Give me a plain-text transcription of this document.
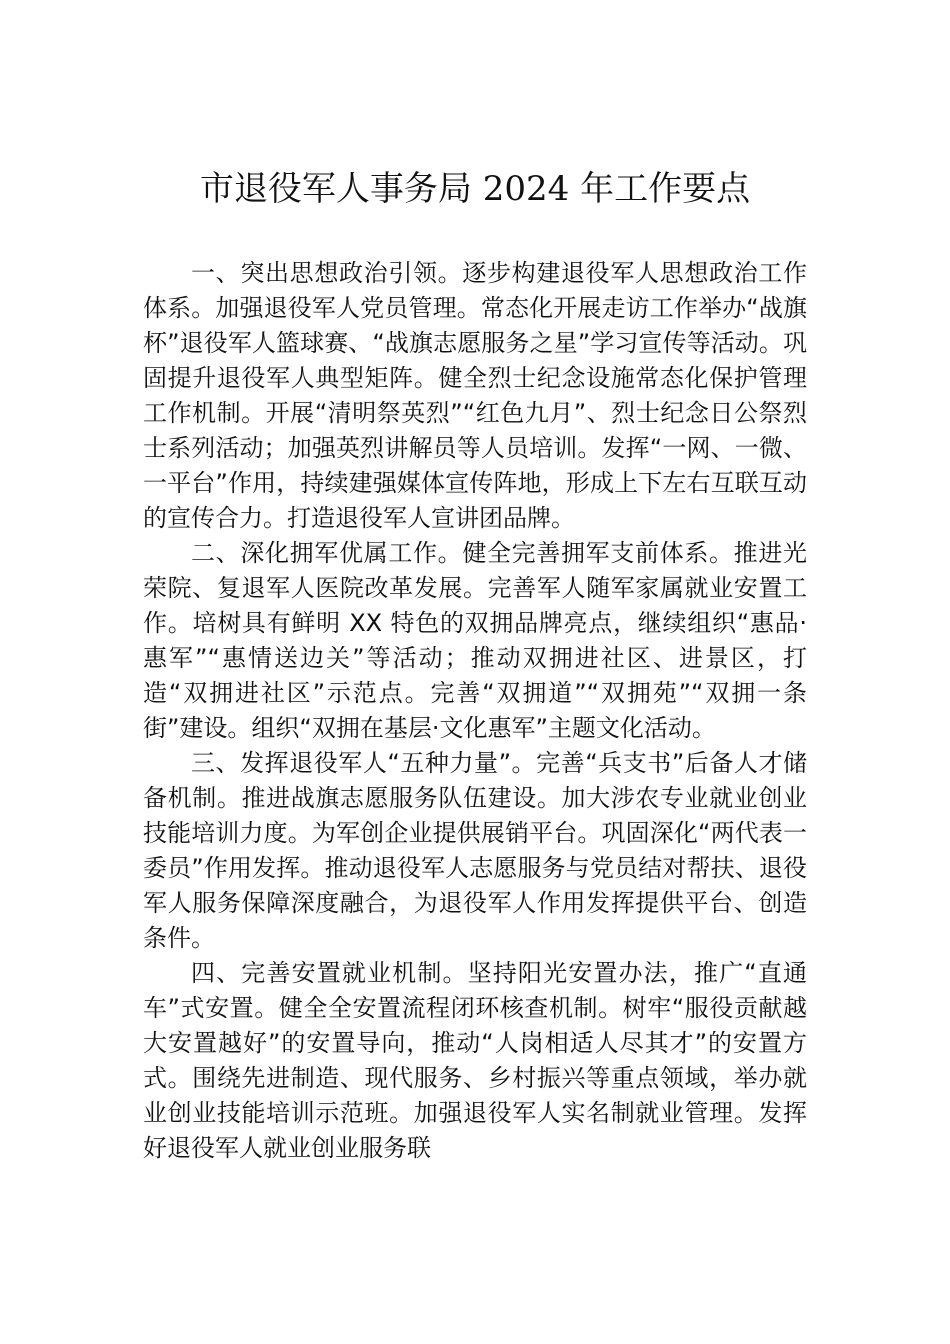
市退役军人事务局 2024 年工作要点

一、突出思想政治引领。逐步构建退役军人思想政治工作体系。加强退役军人党员管理。常态化开展走访工作举办“战旗杯”退役军人篮球赛、“战旗志愿服务之星”学习宣传等活动。巩固提升退役军人典型矩阵。健全烈士纪念设施常态化保护管理工作机制。开展“清明祭英烈”“红色九月”、烈士纪念日公祭烈士系列活动；加强英烈讲解员等人员培训。发挥“一网、一微、一平台”作用，持续建强媒体宣传阵地，形成上下左右互联互动的宣传合力。打造退役军人宣讲团品牌。

二、深化拥军优属工作。健全完善拥军支前体系。推进光荣院、复退军人医院改革发展。完善军人随军家属就业安置工作。培树具有鲜明 XX 特色的双拥品牌亮点，继续组织“惠品·惠军”“惠情送边关”等活动；推动双拥进社区、进景区，打造“双拥进社区”示范点。完善“双拥道”“双拥苑”“双拥一条街”建设。组织“双拥在基层·文化惠军”主题文化活动。

三、发挥退役军人“五种力量”。完善“兵支书”后备人才储备机制。推进战旗志愿服务队伍建设。加大涉农专业就业创业技能培训力度。为军创企业提供展销平台。巩固深化“两代表一委员”作用发挥。推动退役军人志愿服务与党员结对帮扶、退役军人服务保障深度融合，为退役军人作用发挥提供平台、创造条件。

四、完善安置就业机制。坚持阳光安置办法，推广“直通车”式安置。健全全安置流程闭环核查机制。树牢“服役贡献越大安置越好”的安置导向，推动“人岗相适人尽其才”的安置方式。围绕先进制造、现代服务、乡村振兴等重点领域，举办就业创业技能培训示范班。加强退役军人实名制就业管理。发挥好退役军人就业创业服务联
